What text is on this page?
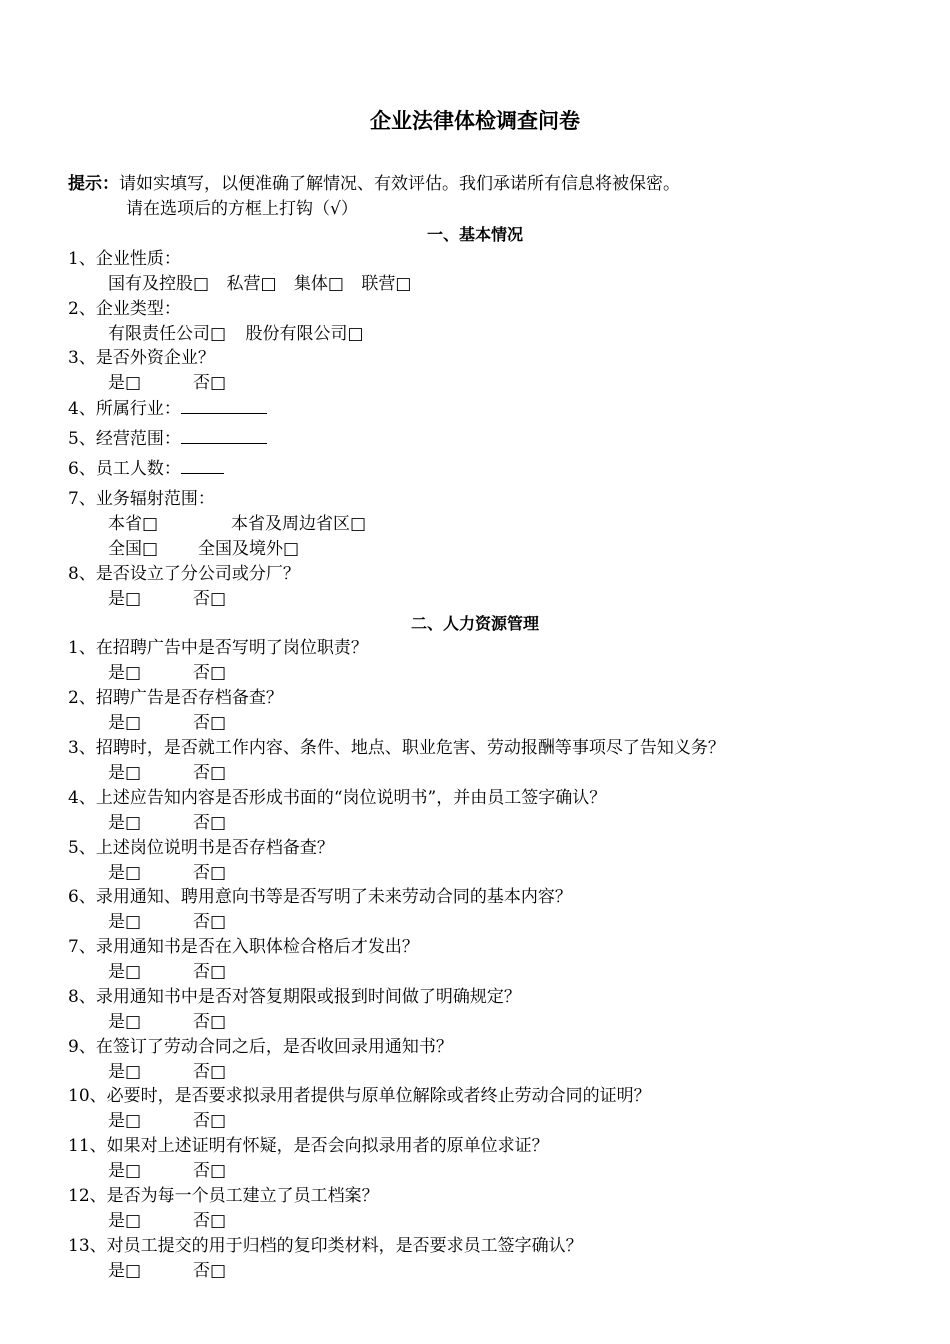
企业法律体检调查问卷
提示：请如实填写，以便准确了解情况、有效评估。我们承诺所有信息将被保密。
请在选项后的方框上打钩（√）
一、基本情况
1、企业性质：
国有及控股□ 私营□ 集体□ 联营□
2、企业类型：
有限责任公司□ 股份有限公司□
3、是否外资企业？
是□	否□
4、所属行业：
5、经营范围：
6、员工人数：
7、业务辐射范围：
本省□	本省及周边省区□
全国□ 全国及境外□
8、是否设立了分公司或分厂？
是□	否□
二、人力资源管理
1、在招聘广告中是否写明了岗位职责？
是□	否□
2、招聘广告是否存档备查？
是□	否□
3、招聘时，是否就工作内容、条件、地点、职业危害、劳动报酬等事项尽了告知义务？
是□	否□
4、上述应告知内容是否形成书面的“岗位说明书”，并由员工签字确认？
是□	否□
5、上述岗位说明书是否存档备查？
是□	否□
6、录用通知、聘用意向书等是否写明了未来劳动合同的基本内容？
是□	否□
7、录用通知书是否在入职体检合格后才发出？
是□	否□
8、录用通知书中是否对答复期限或报到时间做了明确规定？
是□	否□
9、在签订了劳动合同之后，是否收回录用通知书？
是□	否□
10、必要时，是否要求拟录用者提供与原单位解除或者终止劳动合同的证明？
是□	否□
11、如果对上述证明有怀疑，是否会向拟录用者的原单位求证？
是□	否□
12、是否为每一个员工建立了员工档案？
是□	否□
13、对员工提交的用于归档的复印类材料，是否要求员工签字确认？
是□	否□
